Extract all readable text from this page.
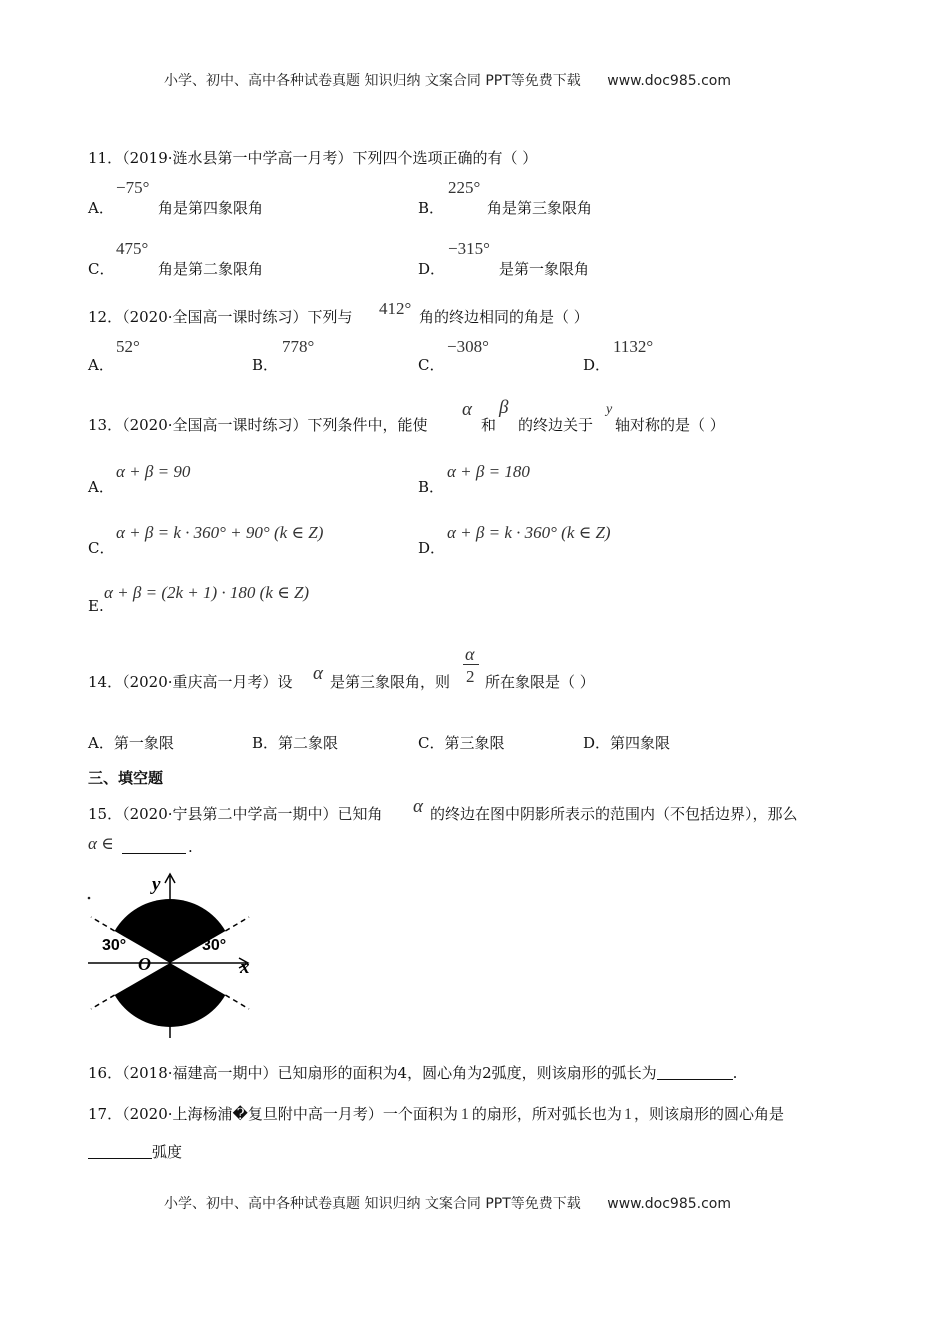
小学、初中、高中各种试卷真题 知识归纳 文案合同 PPT等免费下载 www.doc985.com
11．（2019·涟水县第一中学高一月考）下列四个选项正确的有（ ）
A．
−75°
角是第四象限角	B．
225°
角是第三象限角
C．
475°
角是第二象限角	D．
−315°
是第一象限角
12．（2020·全国高一课时练习）下列与 412° 角的终边相同的角是（ ）
A．
52°
B．
778°
C．
−308°
D．
1132°
13．（2020·全国高一课时练习）下列条件中，能使
α
和
β
的终边关于
y
轴对称的是（ ）
A．
α + β = 90
B．
α + β = 180
C．
α + β = k · 360° + 90° (k ∈ Z)
D．
α + β = k · 360° (k ∈ Z)
E.
α + β = (2k + 1) · 180 (k ∈ Z)
14．（2020·重庆高一月考）设 α 是第三象限角，则
α
2 所在象限是（ ）
A．第一象限	B．第二象限	C．第三象限	D．第四象限
三、填空题
15．（2020·宁县第二中学高一期中）已知角 α 的终边在图中阴影所表示的范围内（不包括边界），那么
α ∈	.
y
x
O
30°	30°
16．（2018·福建高一期中）已知扇形的面积为4，圆心角为2弧度，则该扇形的弧长为	.
17．（2020·上海杨浦�复旦附中高一月考）一个面积为 1 的扇形，所对弧长也为 1 ，则该扇形的圆心角是
弧度
小学、初中、高中各种试卷真题 知识归纳 文案合同 PPT等免费下载 www.doc985.com
